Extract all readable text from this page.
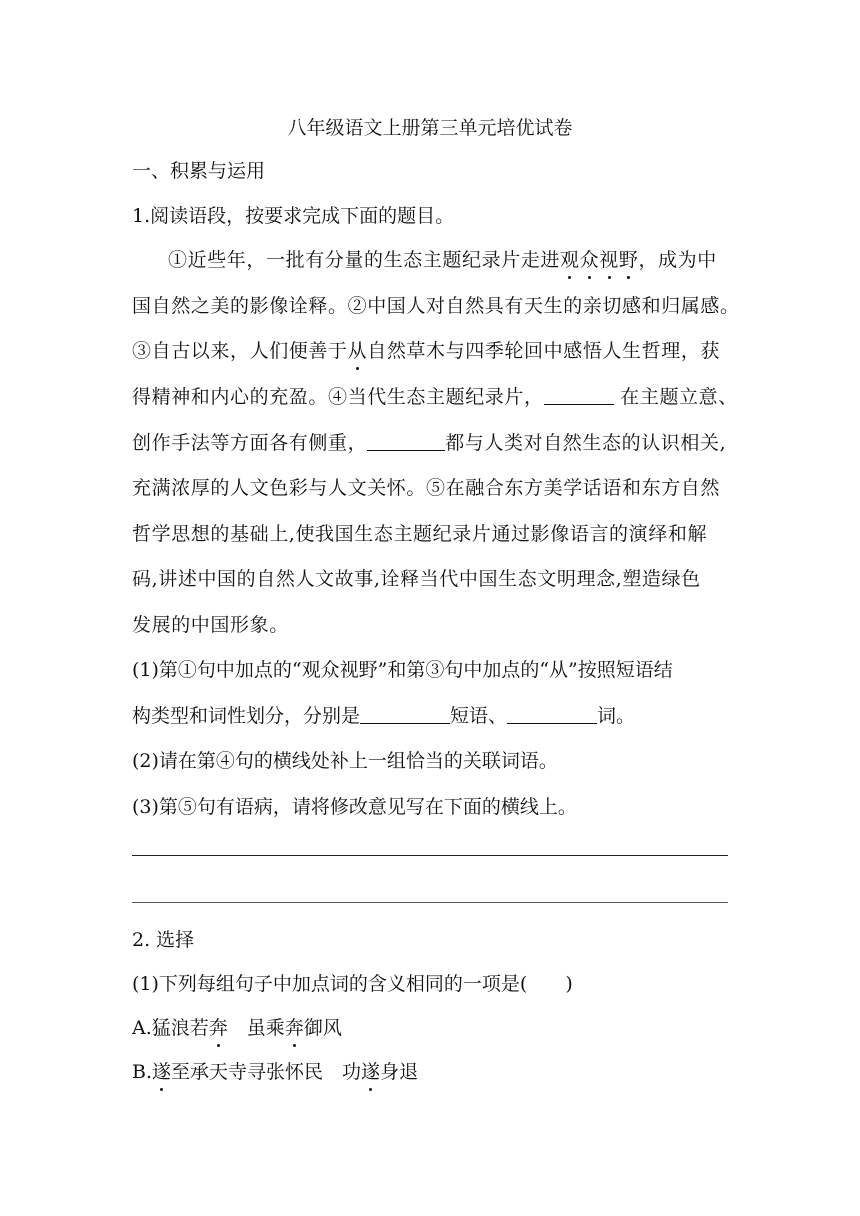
八年级语文上册第三单元培优试卷
一、积累与运用
1.阅读语段，按要求完成下面的题目。
①近些年，一批有分量的生态主题纪录片走进观众视野，成为中
国自然之美的影像诠释。②中国人对自然具有天生的亲切感和归属感。
③自古以来，人们便善于从自然草木与四季轮回中感悟人生哲理，获
得精神和内心的充盈。④当代生态主题纪录片，	在主题立意、
创作手法等方面各有侧重，	都与人类对自然生态的认识相关,
充满浓厚的人文色彩与人文关怀。⑤在融合东方美学话语和东方自然
哲学思想的基础上,使我国生态主题纪录片通过影像语言的演绎和解
码,讲述中国的自然人文故事,诠释当代中国生态文明理念,塑造绿色
发展的中国形象。
(1)第①句中加点的“观众视野”和第③句中加点的“从”按照短语结
构类型和词性划分，分别是	短语、	词。
(2)请在第④句的横线处补上一组恰当的关联词语。
(3)第⑤句有语病，请将修改意见写在下面的横线上。
2. 选择
(1)下列每组句子中加点词的含义相同的一项是(　　)
A.猛浪若奔　虽乘奔御风
B.遂至承天寺寻张怀民　功遂身退
